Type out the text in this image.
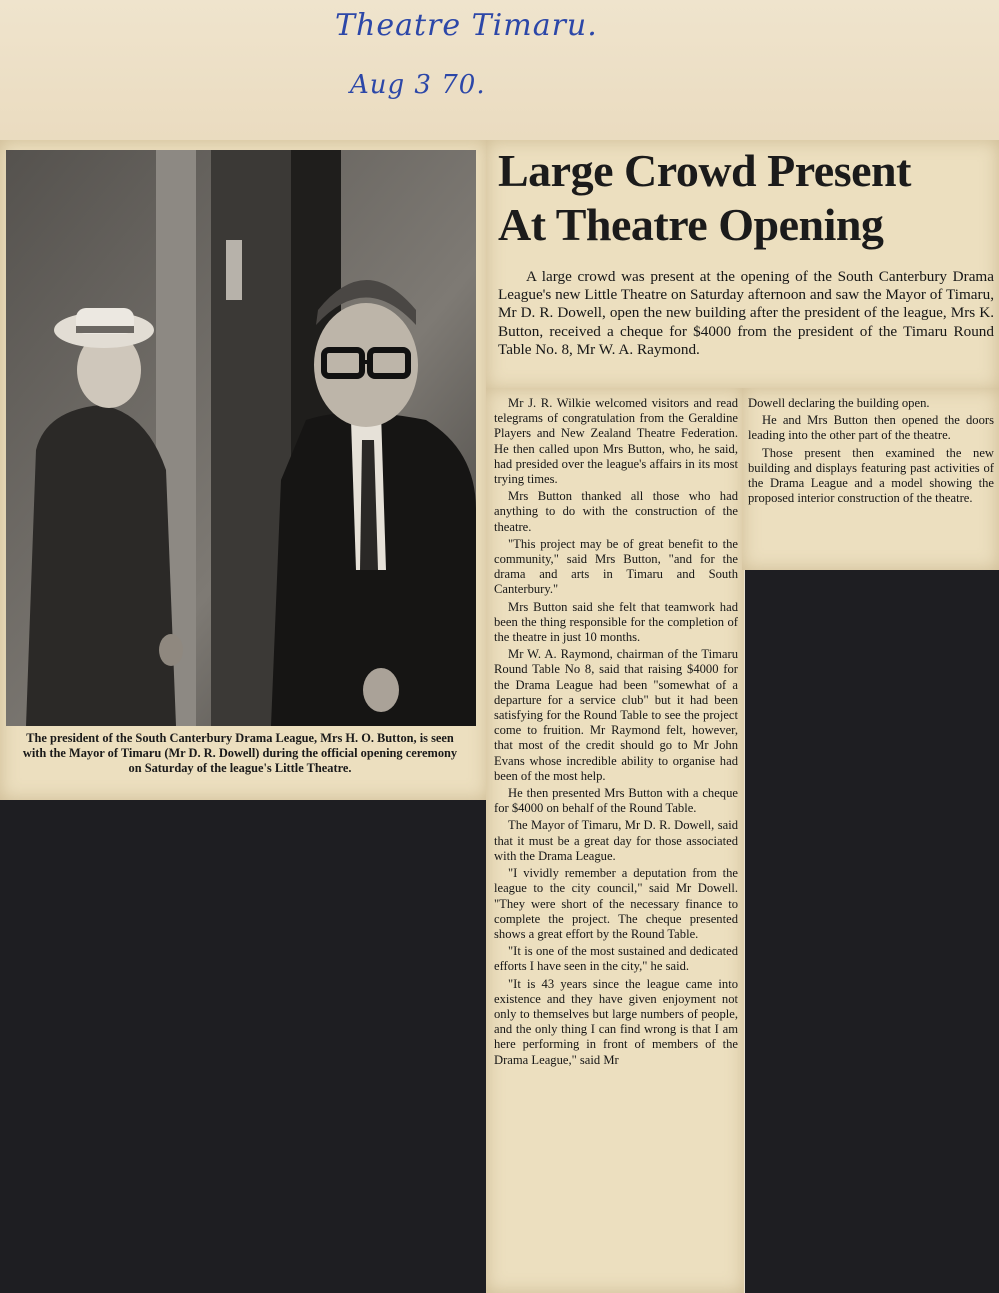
Theatre Timaru.
Aug 3 70.

The president of the South Canterbury Drama League, Mrs H. O. Button, is seen with the Mayor of Timaru (Mr D. R. Dowell) during the official opening ceremony on Saturday of the league's Little Theatre.

Large Crowd Present
At Theatre Opening

A large crowd was present at the opening of the South Canterbury Drama League's new Little Theatre on Saturday afternoon and saw the Mayor of Timaru, Mr D. R. Dowell, open the new building after the president of the league, Mrs K. Button, received a cheque for $4000 from the president of the Timaru Round Table No. 8, Mr W. A. Raymond.

Mr J. R. Wilkie welcomed visitors and read telegrams of congratulation from the Geraldine Players and New Zealand Theatre Federation. He then called upon Mrs Button, who, he said, had presided over the league's affairs in its most trying times.

Mrs Button thanked all those who had anything to do with the construction of the theatre.

"This project may be of great benefit to the community," said Mrs Button, "and for the drama and arts in Timaru and South Canterbury."

Mrs Button said she felt that teamwork had been the thing responsible for the completion of the theatre in just 10 months.

Mr W. A. Raymond, chairman of the Timaru Round Table No 8, said that raising $4000 for the Drama League had been "somewhat of a departure for a service club" but it had been satisfying for the Round Table to see the project come to fruition. Mr Raymond felt, however, that most of the credit should go to Mr John Evans whose incredible ability to organise had been of the most help.

He then presented Mrs Button with a cheque for $4000 on behalf of the Round Table.

The Mayor of Timaru, Mr D. R. Dowell, said that it must be a great day for those associated with the Drama League.

"I vividly remember a deputation from the league to the city council," said Mr Dowell. "They were short of the necessary finance to complete the project. The cheque presented shows a great effort by the Round Table.

"It is one of the most sustained and dedicated efforts I have seen in the city," he said.

"It is 43 years since the league came into existence and they have given enjoyment not only to themselves but large numbers of people, and the only thing I can find wrong is that I am here performing in front of members of the Drama League," said Mr

Dowell declaring the building open.

He and Mrs Button then opened the doors leading into the other part of the theatre.

Those present then examined the new building and displays featuring past activities of the Drama League and a model showing the proposed interior construction of the theatre.
